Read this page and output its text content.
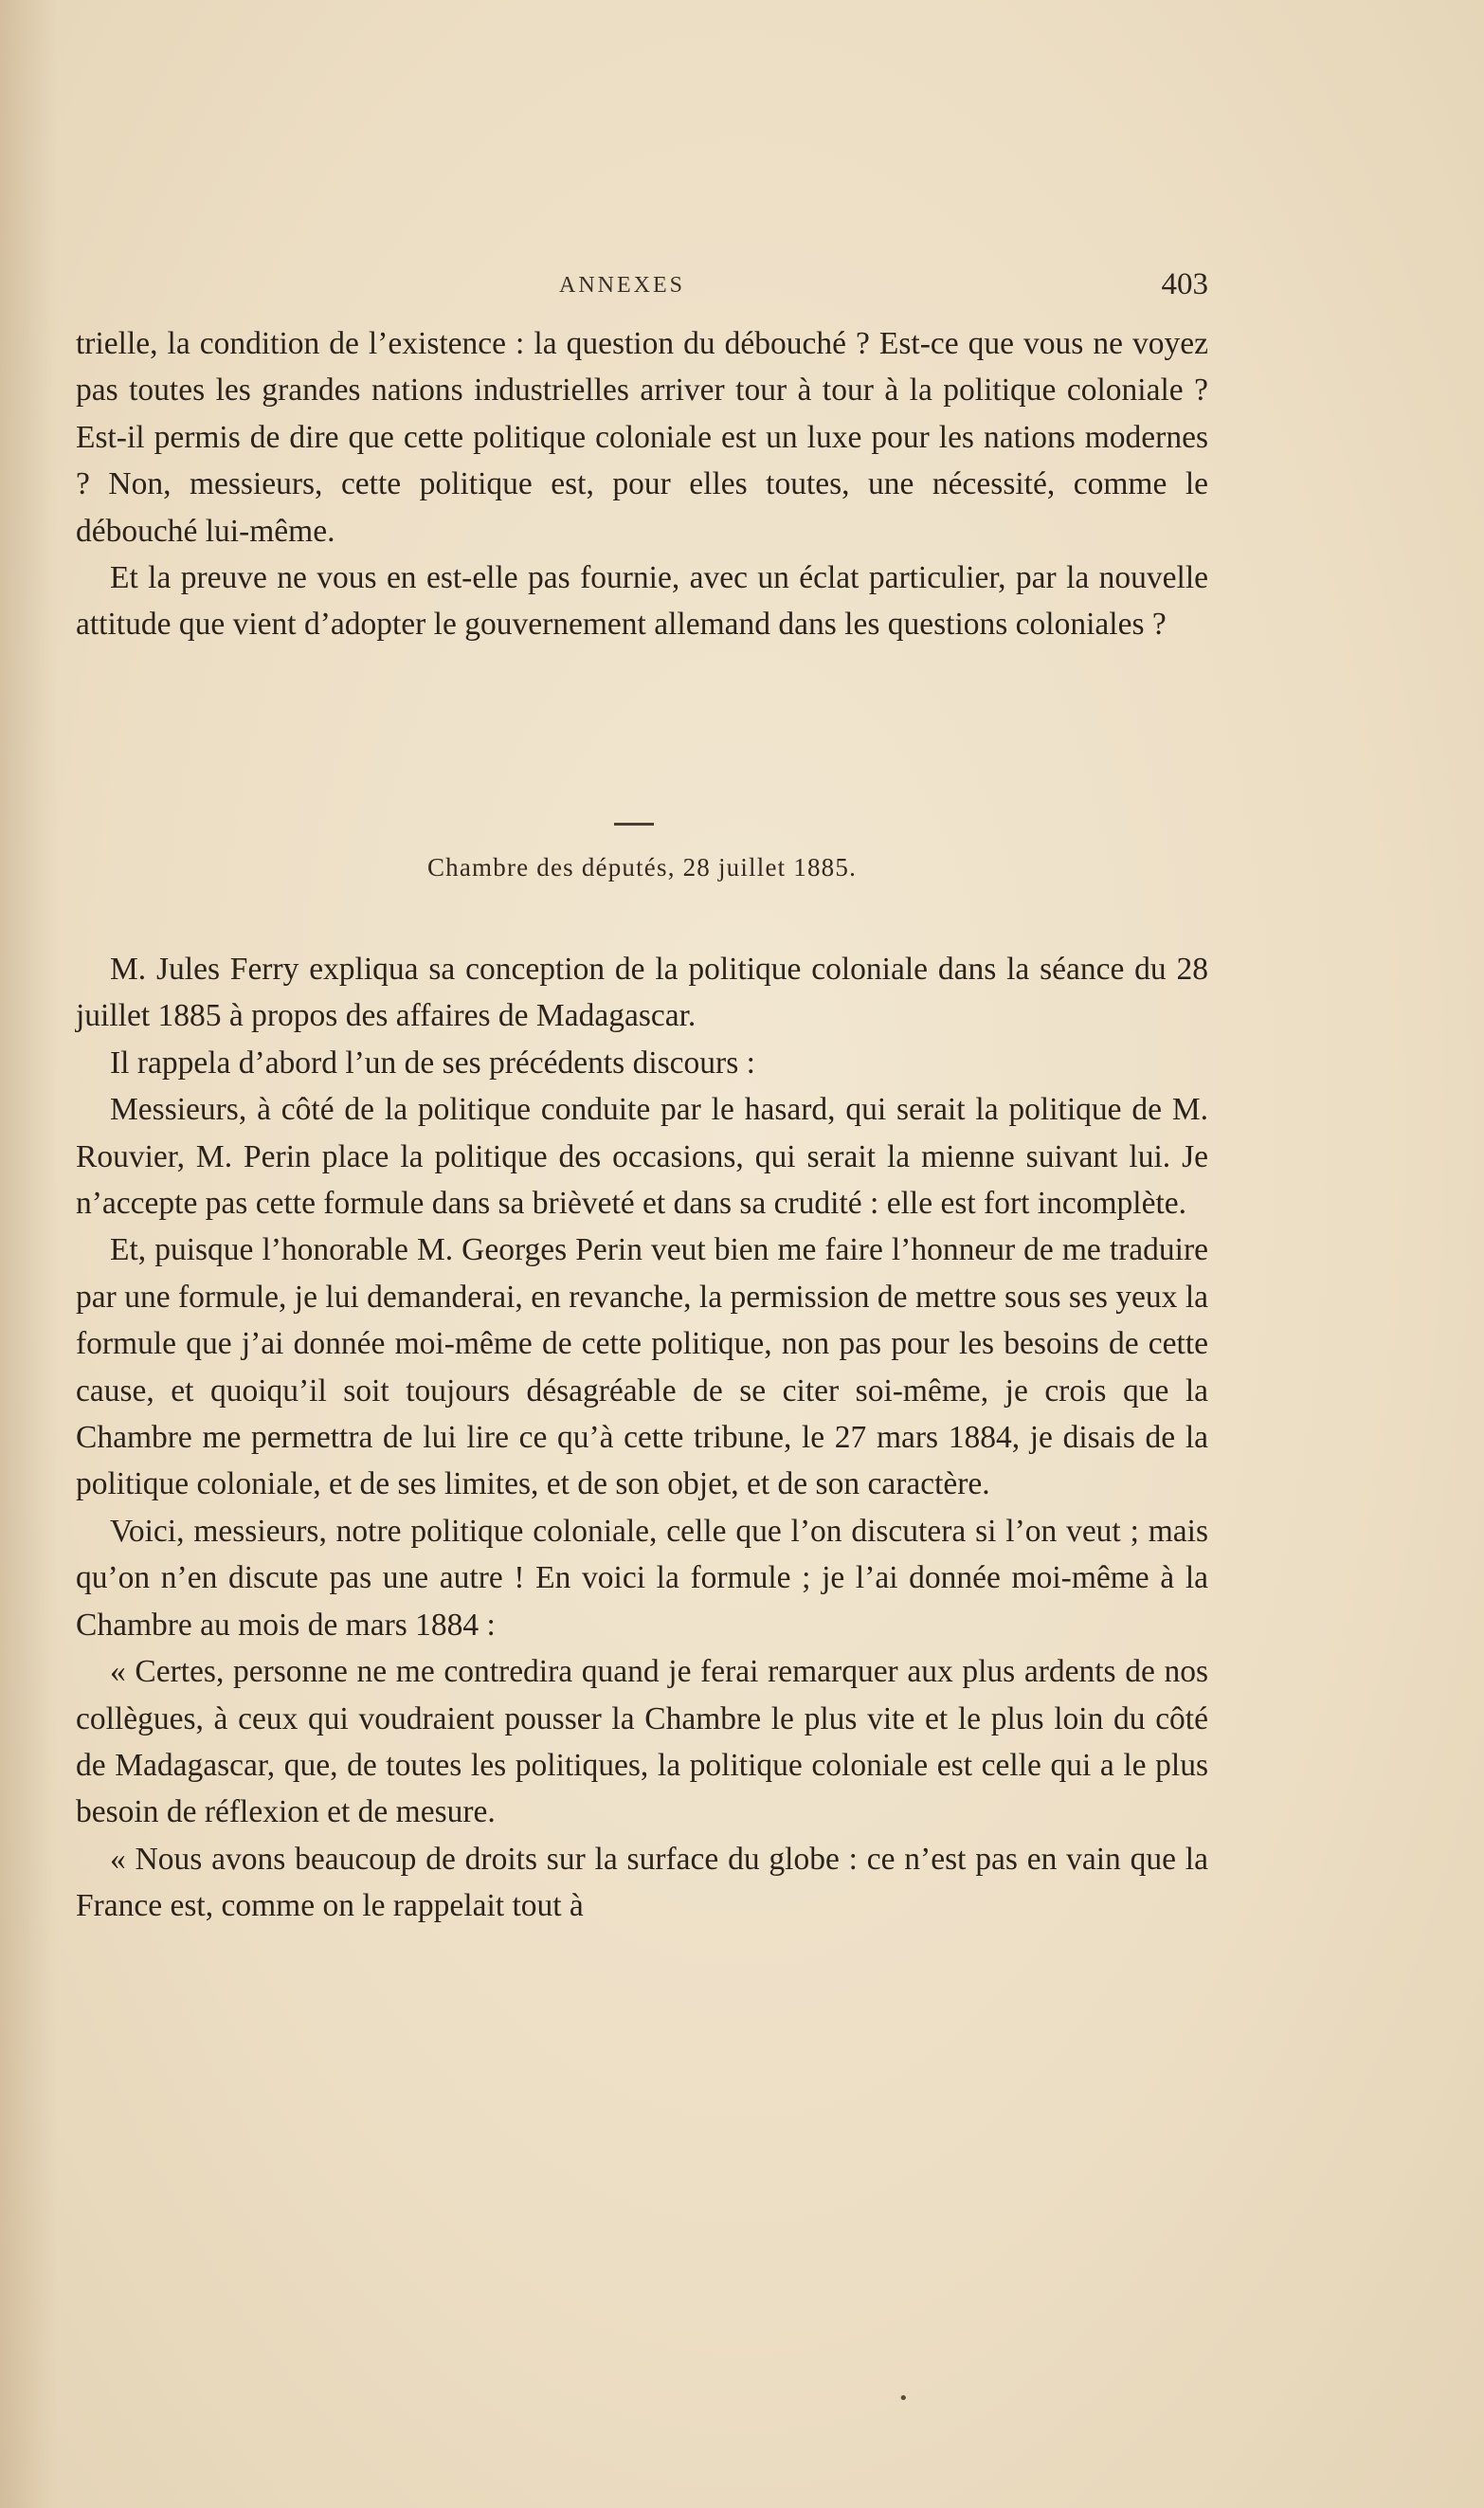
ANNEXES	403

trielle, la condition de l’existence : la question du débouché ? Est-ce que vous ne voyez pas toutes les grandes nations industrielles arriver tour à tour à la politique coloniale ? Est-il permis de dire que cette politique coloniale est un luxe pour les nations modernes ? Non, messieurs, cette politique est, pour elles toutes, une nécessité, comme le débouché lui-même.

Et la preuve ne vous en est-elle pas fournie, avec un éclat particulier, par la nouvelle attitude que vient d’adopter le gouvernement allemand dans les questions coloniales ?

Chambre des députés, 28 juillet 1885.

M. Jules Ferry expliqua sa conception de la politique coloniale dans la séance du 28 juillet 1885 à propos des affaires de Madagascar.

Il rappela d’abord l’un de ses précédents discours :

Messieurs, à côté de la politique conduite par le hasard, qui serait la politique de M. Rouvier, M. Perin place la politique des occasions, qui serait la mienne suivant lui. Je n’accepte pas cette formule dans sa brièveté et dans sa crudité : elle est fort incomplète.

Et, puisque l’honorable M. Georges Perin veut bien me faire l’honneur de me traduire par une formule, je lui demanderai, en revanche, la permission de mettre sous ses yeux la formule que j’ai donnée moi-même de cette politique, non pas pour les besoins de cette cause, et quoiqu’il soit toujours désagréable de se citer soi-même, je crois que la Chambre me permettra de lui lire ce qu’à cette tribune, le 27 mars 1884, je disais de la politique coloniale, et de ses limites, et de son objet, et de son caractère.

Voici, messieurs, notre politique coloniale, celle que l’on discutera si l’on veut ; mais qu’on n’en discute pas une autre ! En voici la formule ; je l’ai donnée moi-même à la Chambre au mois de mars 1884 :

« Certes, personne ne me contredira quand je ferai remarquer aux plus ardents de nos collègues, à ceux qui voudraient pousser la Chambre le plus vite et le plus loin du côté de Madagascar, que, de toutes les politiques, la politique coloniale est celle qui a le plus besoin de réflexion et de mesure.

« Nous avons beaucoup de droits sur la surface du globe : ce n’est pas en vain que la France est, comme on le rappelait tout à

•
